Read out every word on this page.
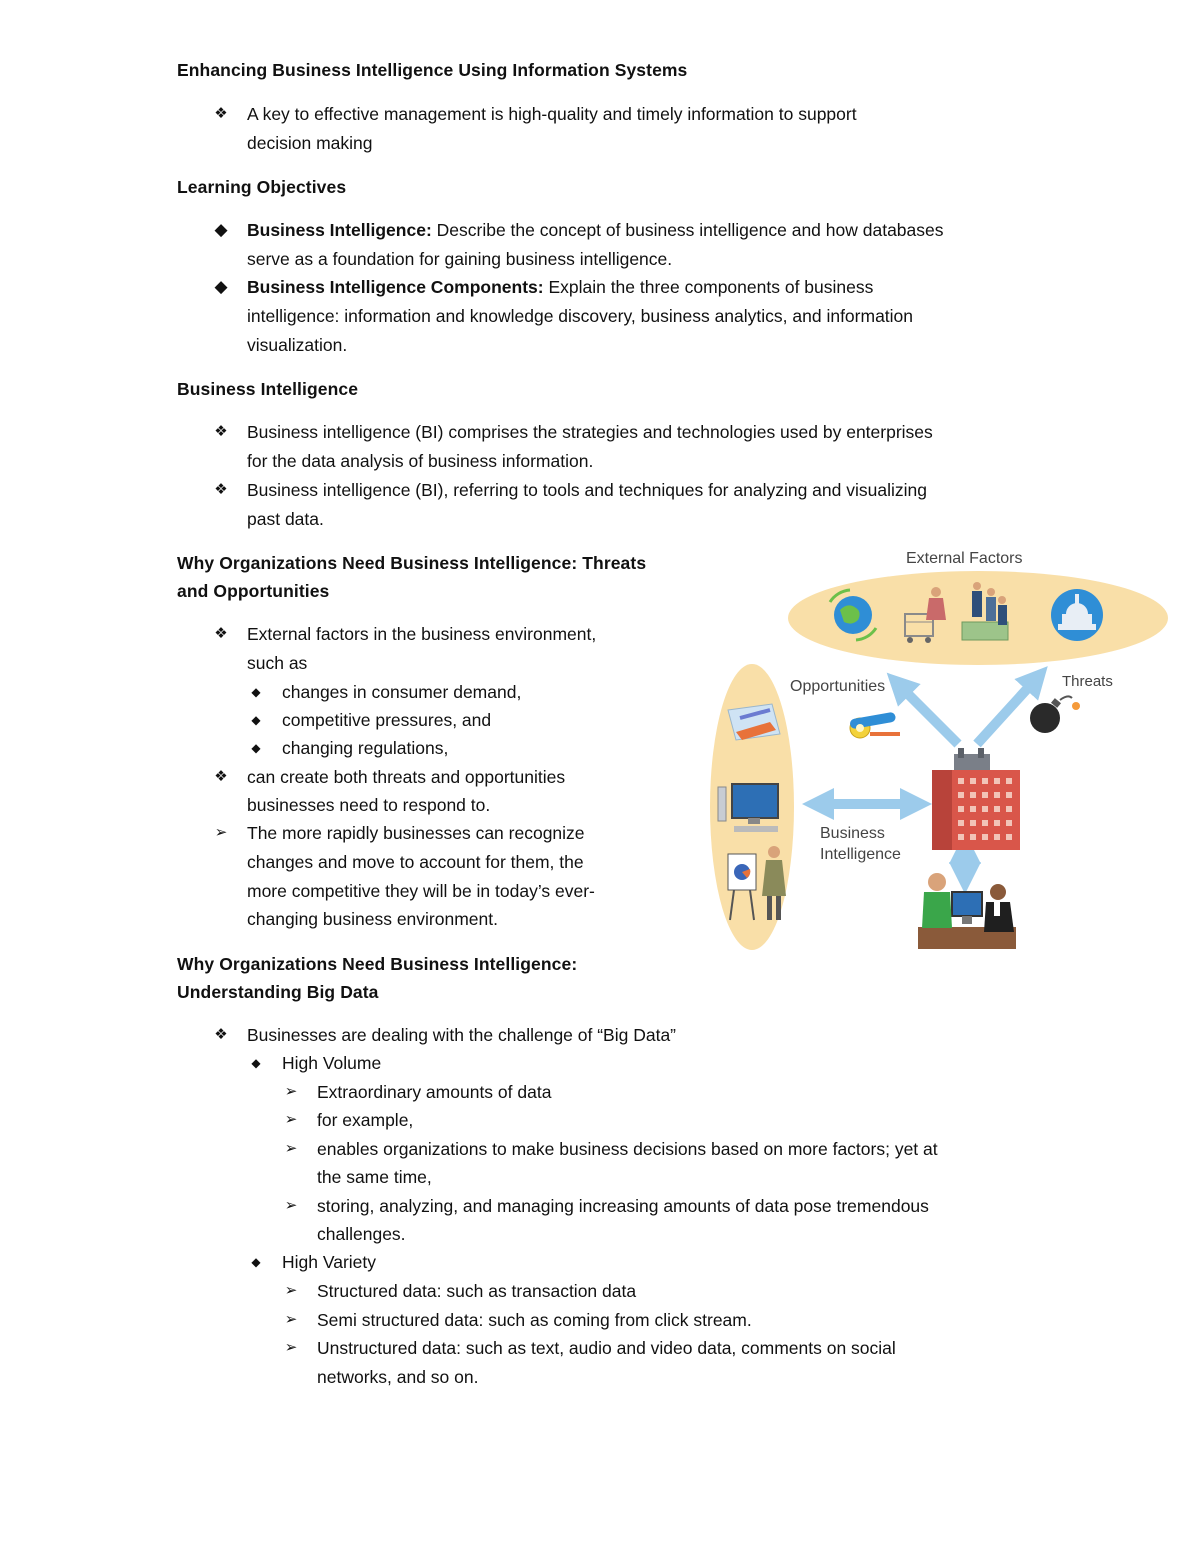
Enhancing Business Intelligence Using Information Systems
❖ A key to effective management is high-quality and timely information to support
decision making
Learning Objectives
◆ Business Intelligence: Describe the concept of business intelligence and how databases
serve as a foundation for gaining business intelligence.
◆ Business Intelligence Components: Explain the three components of business
intelligence: information and knowledge discovery, business analytics, and information
visualization.
Business Intelligence
❖ Business intelligence (BI) comprises the strategies and technologies used by enterprises
for the data analysis of business information.
❖ Business intelligence (BI), referring to tools and techniques for analyzing and visualizing
past data.
Why Organizations Need Business Intelligence: Threats
and Opportunities
❖ External factors in the business environment,
such as
◆	changes in consumer demand,
◆	competitive pressures, and
◆	changing regulations,
❖ can create both threats and opportunities
businesses need to respond to.
➢ The more rapidly businesses can recognize
changes and move to account for them, the
more competitive they will be in today’s ever-
changing business environment.
Why Organizations Need Business Intelligence:
Understanding Big Data
❖ Businesses are dealing with the challenge of “Big Data”
◆	High Volume
➢ Extraordinary amounts of data
➢ for example,
➢ enables organizations to make business decisions based on more factors; yet at
the same time,
➢ storing, analyzing, and managing increasing amounts of data pose tremendous
challenges.
◆	High Variety
➢ Structured data: such as transaction data
➢ Semi structured data: such as coming from click stream.
➢ Unstructured data: such as text, audio and video data, comments on social
networks, and so on.
External Factors
Opportunities	Threats
Business
Intelligence
